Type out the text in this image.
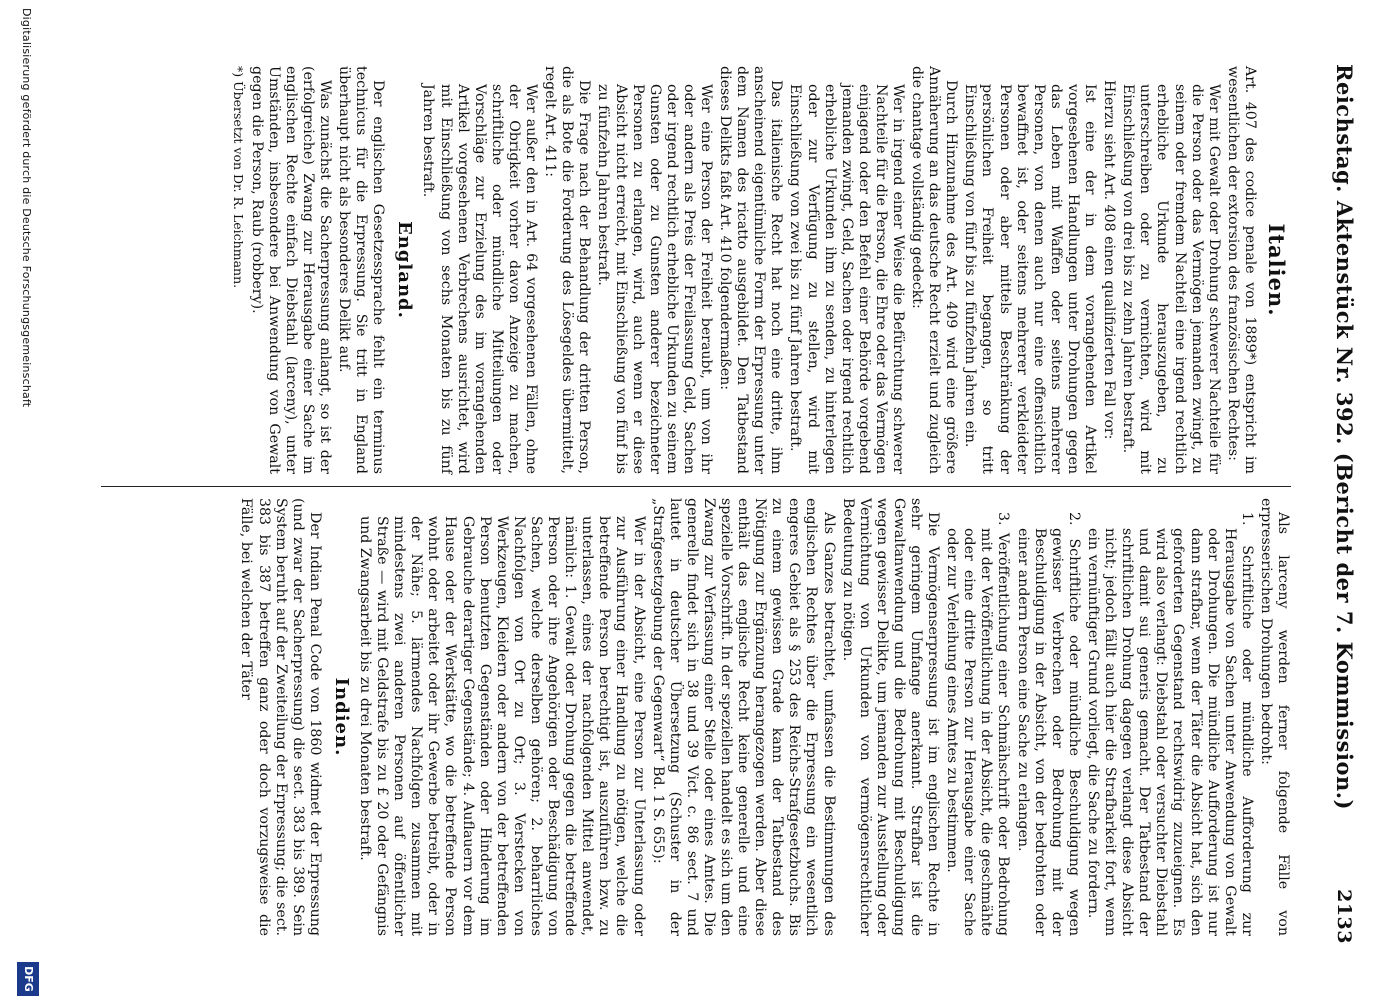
Reichstag. Aktenstück Nr. 392. (Bericht der 7. Kommission.)
2133
Italien.

Art. 407 des codice penale von 1889*) entspricht im wesentlichen der extorsion des französischen Rechtes:

Wer mit Gewalt oder Drohung schwerer Nachteile für die Person oder das Vermögen jemanden zwingt, zu seinem oder fremdem Nachteil eine irgend rechtlich erhebliche Urkunde herauszugeben, zu unterschreiben oder zu vernichten, wird mit Einschließung von drei bis zu zehn Jahren bestraft.

Hierzu sieht Art. 408 einen qualifizierten Fall vor:

Ist eine der in dem vorangehenden Artikel vorgesehenen Handlungen unter Drohungen gegen das Leben mit Waffen oder seitens mehrerer Personen, von denen auch nur eine offensichtlich bewaffnet ist, oder seitens mehrerer verkleideter Personen oder aber mittels Beschränkung der persönlichen Freiheit begangen, so tritt Einschließung von fünf bis zu fünfzehn Jahren ein.

Durch Hinzunahme des Art. 409 wird eine größere Annäherung an das deutsche Recht erzielt und zugleich die chantage vollständig gedeckt:

Wer in irgend einer Weise die Befürchtung schwerer Nachteile für die Person, die Ehre oder das Vermögen einjagend oder den Befehl einer Behörde vorgebend jemanden zwingt, Geld, Sachen oder irgend rechtlich erhebliche Urkunden ihm zu senden, zu hinterlegen oder zur Verfügung zu stellen, wird mit Einschließung von zwei bis zu fünf Jahren bestraft.

Das italienische Recht hat noch eine dritte, ihm anscheinend eigentümliche Form der Erpressung unter dem Namen des ricatto ausgebildet. Den Tatbestand dieses Delikts faßt Art. 410 folgendermaßen:

Wer eine Person der Freiheit beraubt, um von ihr oder andern als Preis der Freilassung Geld, Sachen oder irgend rechtlich erhebliche Urkunden zu seinem Gunsten oder zu Gunsten anderer bezeichneter Personen zu erlangen, wird, auch wenn er diese Absicht nicht erreicht, mit Einschließung von fünf bis zu fünfzehn Jahren bestraft.

Die Frage nach der Behandlung der dritten Person, die als Bote die Forderung des Lösegeldes übermittelt, regelt Art. 411:

Wer außer den in Art. 64 vorgesehenen Fällen, ohne der Obrigkeit vorher davon Anzeige zu machen, schriftliche oder mündliche Mitteilungen oder Vorschläge zur Erzielung des im vorangehenden Artikel vorgesehenen Verbrechens ausrichtet, wird mit Einschließung von sechs Monaten bis zu fünf Jahren bestraft.

England.

Der englischen Gesetzessprache fehlt ein terminus technicus für die Erpressung. Sie tritt in England überhaupt nicht als besonderes Delikt auf.

Was zunächst die Sacherpressung anlangt, so ist der (erfolgreiche) Zwang zur Herausgabe einer Sache im englischen Rechte einfach Diebstahl (larceny), unter Umständen, insbesondere bei Anwendung von Gewalt gegen die Person, Raub (robbery).

*) Übersetzt von Dr. R. Leichmann.

Als larceny werden ferner folgende Fälle von erpresserischen Drohungen bedroht:

1. Schriftliche oder mündliche Aufforderung zur Herausgabe von Sachen unter Anwendung von Gewalt oder Drohungen. Die mündliche Aufforderung ist nur dann strafbar, wenn der Täter die Absicht hat, sich den geforderten Gegenstand rechtswidrig zuzueignen. Es wird also verlangt: Diebstahl oder versuchter Diebstahl und damit sui generis gemacht. Der Tatbestand der schriftlichen Drohung dagegen verlangt diese Absicht nicht; jedoch fällt auch hier die Strafbarkeit fort, wenn ein vernünftiger Grund vorliegt, die Sache zu fordern.

2. Schriftliche oder mündliche Beschuldigung wegen gewisser Verbrechen oder Bedrohung mit der Beschuldigung in der Absicht, von der bedrohten oder einer andern Person eine Sache zu erlangen.

3. Veröffentlichung einer Schmähschrift oder Bedrohung mit der Veröffentlichung in der Absicht, die geschmähte oder eine dritte Person zur Herausgabe einer Sache oder zur Verleihung eines Amtes zu bestimmen.

Die Vermögenserpressung ist im englischen Rechte in sehr geringem Umfange anerkannt. Strafbar ist die Gewaltanwendung und die Bedrohung mit Beschuldigung wegen gewisser Delikte, um jemanden zur Ausstellung oder Vernichtung von Urkunden von vermögensrechtlicher Bedeutung zu nötigen.

Als Ganzes betrachtet, umfassen die Bestimmungen des englischen Rechtes über die Erpressung ein wesentlich engeres Gebiet als § 253 des Reichs-Strafgesetzbuchs. Bis zu einem gewissen Grade kann der Tatbestand des Nötigung zur Ergänzung herangezogen werden. Aber diese enthält das englische Recht keine generelle und eine spezielle Vorschrift. In der speziellen handelt es sich um den Zwang zur Verfassung einer Stelle oder eines Amtes. Die generelle findet sich in 38 und 39 Vict. c. 86 sect. 7 und lautet in deutscher Übersetzung (Schuster in der „Strafgesetzgebung der Gegenwart“ Bd. 1 S. 655):

Wer in der Absicht, eine Person zur Unterlassung oder zur Ausführung einer Handlung zu nötigen, welche die betreffende Person berechtigt ist, auszuführen bzw. zu unterlassen, eines der nachfolgenden Mittel anwendet, nämlich: 1. Gewalt oder Drohung gegen die betreffende Person oder ihre Angehörigen oder Beschädigung von Sachen, welche derselben gehören; 2. beharrliches Nachfolgen von Ort zu Ort; 3. Verstecken von Werkzeugen, Kleidern oder andern von der betreffenden Person benutzten Gegenständen oder Hinderung im Gebrauche derartiger Gegenstände; 4. Auflauern vor dem Hause oder der Werkstätte, wo die betreffende Person wohnt oder arbeitet oder ihr Gewerbe betreibt, oder in der Nähe; 5. lärmendes Nachfolgen zusammen mit mindestens zwei anderen Personen auf öffentlicher Straße — wird mit Geldstrafe bis zu £ 20 oder Gefängnis und Zwangsarbeit bis zu drei Monaten bestraft.

Indien.

Der Indian Penal Code von 1860 widmet der Erpressung (und zwar der Sacherpressung) die sect. 383 bis 389. Sein System beruht auf der Zweiteilung der Erpressung; die sect. 383 bis 387 betreffen ganz oder doch vorzugsweise die Fälle, bei welchen der Täter

Digitalisierung gefördert durch die Deutsche Forschungsgemeinschaft
DFG
